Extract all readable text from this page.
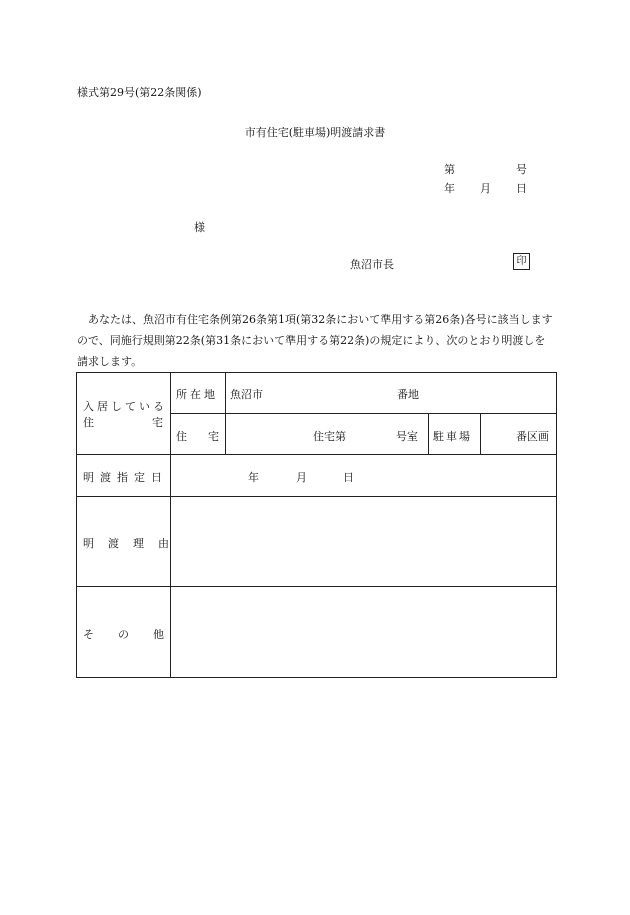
様式第29号(第22条関係)
市有住宅(駐車場)明渡請求書
第	号
年 月 日
様
魚沼市長	印
あなたは、魚沼市有住宅条例第26条第1項(第32条において準用する第26条)各号に該当しますので、同施行規則第22条(第31条において準用する第22条)の規定により、次のとおり明渡しを請求します。
入居している
住	宅
所在地 魚沼市	番地
住 宅	住宅第	号室 駐車場	番区画
明渡指定日	年	月	日
明渡理由
その他
